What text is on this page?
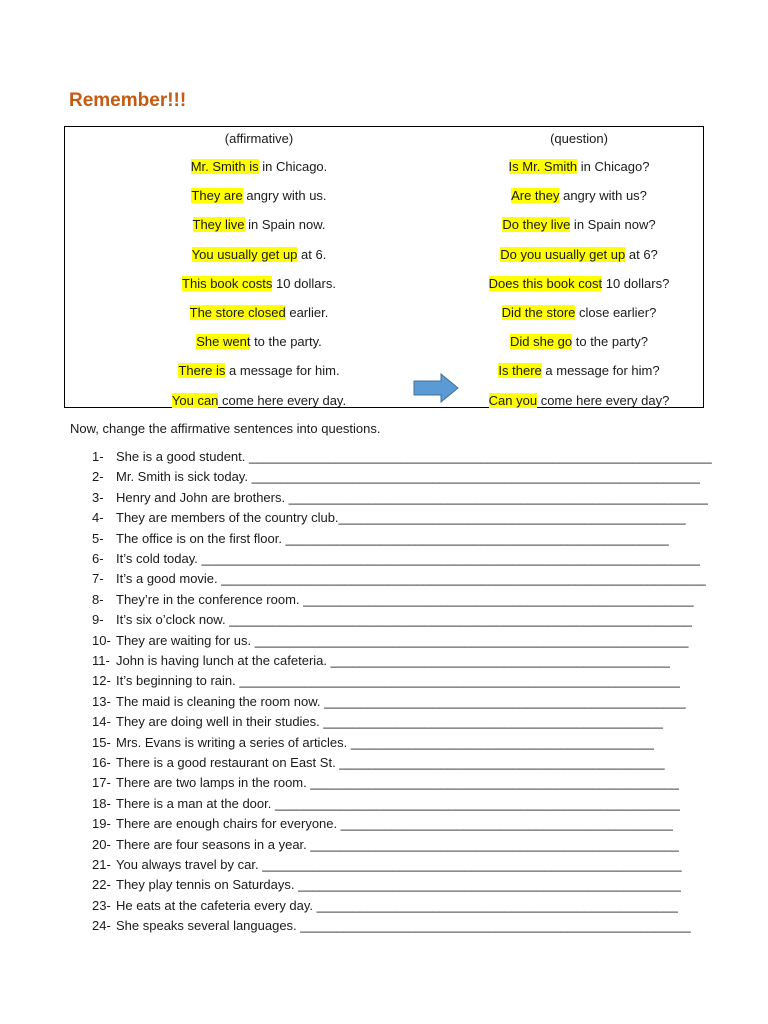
Remember!!!
(affirmative)
Mr. Smith is in Chicago.
They are angry with us.
They live in Spain now.
You usually get up at 6.
This book costs 10 dollars.
The store closed earlier.
She went to the party.
There is a message for him.
You can come here every day.
(question)
Is Mr. Smith in Chicago?
Are they angry with us?
Do they live in Spain now?
Do you usually get up at 6?
Does this book cost 10 dollars?
Did the store close earlier?
Did she go to the party?
Is there a message for him?
Can you come here every day?
Now, change the affirmative sentences into questions.
1- She is a good student. ________________________________________________________________
2- Mr. Smith is sick today. ______________________________________________________________
3- Henry and John are brothers. __________________________________________________________
4- They are members of the country club.________________________________________________
5- The office is on the first floor. _____________________________________________________
6- It’s cold today. _____________________________________________________________________
7- It’s a good movie. ___________________________________________________________________
8- They’re in the conference room. ______________________________________________________
9- It’s six o’clock now. ________________________________________________________________
10- They are waiting for us. ____________________________________________________________
11- John is having lunch at the cafeteria. _______________________________________________
12- It’s beginning to rain. _____________________________________________________________
13- The maid is cleaning the room now. __________________________________________________
14- They are doing well in their studies. _______________________________________________
15- Mrs. Evans is writing a series of articles. __________________________________________
16- There is a good restaurant on East St. _____________________________________________
17- There are two lamps in the room. ___________________________________________________
18- There is a man at the door. ________________________________________________________
19- There are enough chairs for everyone. ______________________________________________
20- There are four seasons in a year. ___________________________________________________
21- You always travel by car. __________________________________________________________
22- They play tennis on Saturdays. _____________________________________________________
23- He eats at the cafeteria every day. __________________________________________________
24- She speaks several languages. ______________________________________________________
